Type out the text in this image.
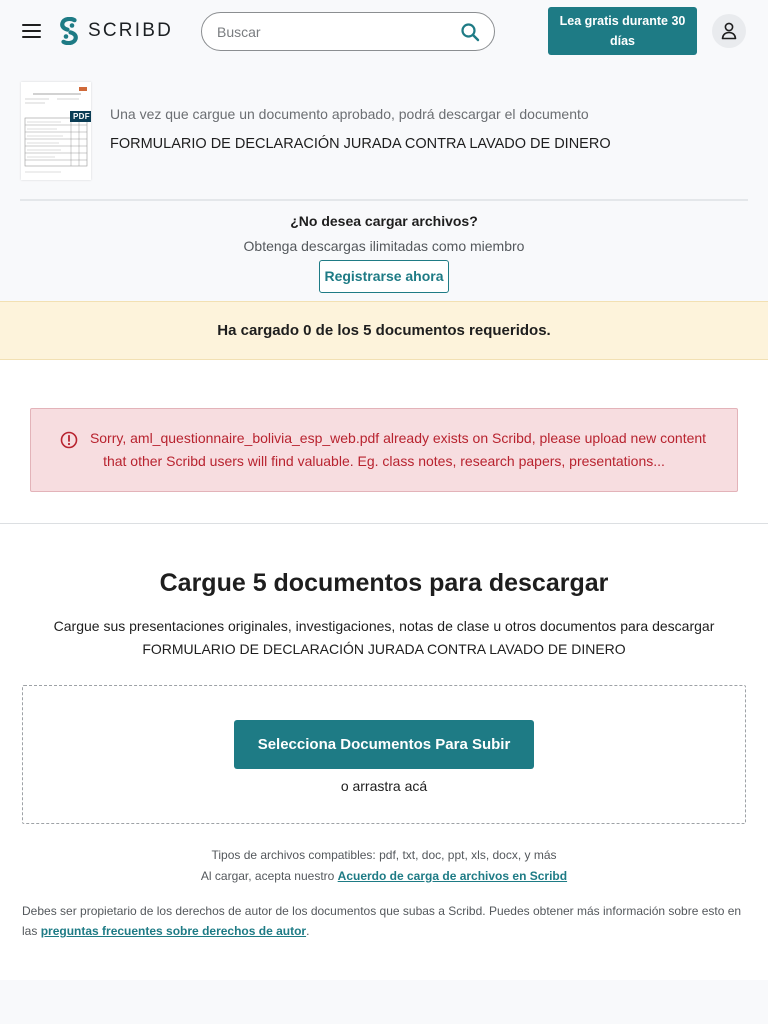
SCRIBD
Buscar	Lea gratis durante 30
días
PDF Una vez que cargue un documento aprobado, podrá descargar el documento
FORMULARIO DE DECLARACIÓN JURADA CONTRA LAVADO DE DINERO
¿No desea cargar archivos?
Obtenga descargas ilimitadas como miembro
Registrarse ahora
Ha cargado 0 de los 5 documentos requeridos.
Sorry, aml_questionnaire_bolivia_esp_web.pdf already exists on Scribd, please upload new content
that other Scribd users will find valuable. Eg. class notes, research papers, presentations...
Cargue 5 documentos para descargar
Cargue sus presentaciones originales, investigaciones, notas de clase u otros documentos para descargar
FORMULARIO DE DECLARACIÓN JURADA CONTRA LAVADO DE DINERO
Selecciona Documentos Para Subir
o arrastra acá
Tipos de archivos compatibles: pdf, txt, doc, ppt, xls, docx, y más
Al cargar, acepta nuestro Acuerdo de carga de archivos en Scribd
Debes ser propietario de los derechos de autor de los documentos que subas a Scribd. Puedes obtener más información sobre esto en las preguntas frecuentes sobre derechos de autor.
